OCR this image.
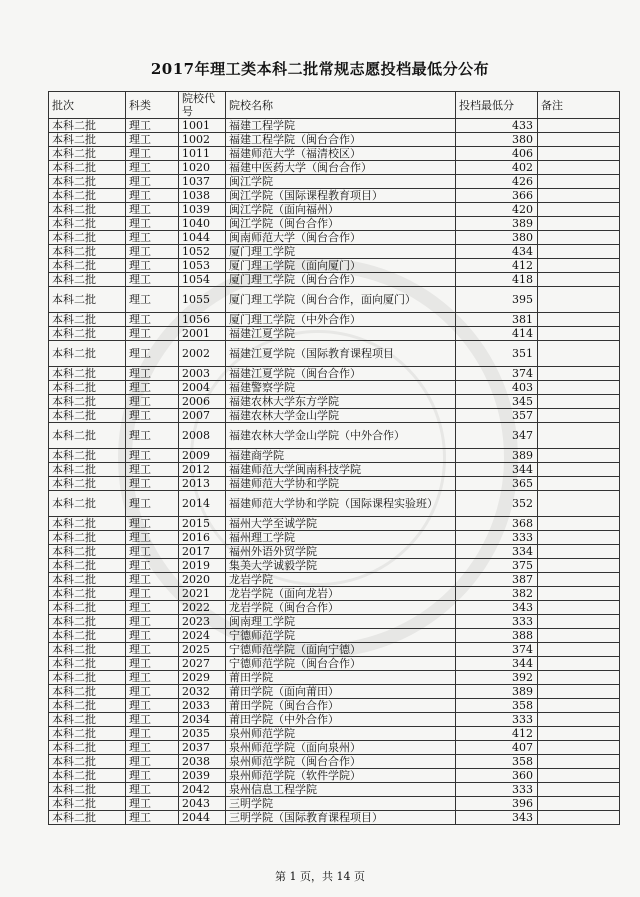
2017年理工类本科二批常规志愿投档最低分公布
批次	科类	院校代号	院校名称	投档最低分	备注
本科二批	理工	1001	福建工程学院	433	
本科二批	理工	1002	福建工程学院（闽台合作）	380	
本科二批	理工	1011	福建师范大学（福清校区）	406	
本科二批	理工	1020	福建中医药大学（闽台合作）	402	
本科二批	理工	1037	闽江学院	426	
本科二批	理工	1038	闽江学院（国际课程教育项目）	366	
本科二批	理工	1039	闽江学院（面向福州）	420	
本科二批	理工	1040	闽江学院（闽台合作）	389	
本科二批	理工	1044	闽南师范大学（闽台合作）	380	
本科二批	理工	1052	厦门理工学院	434	
本科二批	理工	1053	厦门理工学院（面向厦门）	412	
本科二批	理工	1054	厦门理工学院（闽台合作）	418	
本科二批	理工	1055	厦门理工学院（闽台合作，面向厦门）	395	
本科二批	理工	1056	厦门理工学院（中外合作）	381	
本科二批	理工	2001	福建江夏学院	414	
本科二批	理工	2002	福建江夏学院（国际教育课程项目	351	
本科二批	理工	2003	福建江夏学院（闽台合作）	374	
本科二批	理工	2004	福建警察学院	403	
本科二批	理工	2006	福建农林大学东方学院	345	
本科二批	理工	2007	福建农林大学金山学院	357	
本科二批	理工	2008	福建农林大学金山学院（中外合作）	347	
本科二批	理工	2009	福建商学院	389	
本科二批	理工	2012	福建师范大学闽南科技学院	344	
本科二批	理工	2013	福建师范大学协和学院	365	
本科二批	理工	2014	福建师范大学协和学院（国际课程实验班）	352	
本科二批	理工	2015	福州大学至诚学院	368	
本科二批	理工	2016	福州理工学院	333	
本科二批	理工	2017	福州外语外贸学院	334	
本科二批	理工	2019	集美大学诚毅学院	375	
本科二批	理工	2020	龙岩学院	387	
本科二批	理工	2021	龙岩学院（面向龙岩）	382	
本科二批	理工	2022	龙岩学院（闽台合作）	343	
本科二批	理工	2023	闽南理工学院	333	
本科二批	理工	2024	宁德师范学院	388	
本科二批	理工	2025	宁德师范学院（面向宁德）	374	
本科二批	理工	2027	宁德师范学院（闽台合作）	344	
本科二批	理工	2029	莆田学院	392	
本科二批	理工	2032	莆田学院（面向莆田）	389	
本科二批	理工	2033	莆田学院（闽台合作）	358	
本科二批	理工	2034	莆田学院（中外合作）	333	
本科二批	理工	2035	泉州师范学院	412	
本科二批	理工	2037	泉州师范学院（面向泉州）	407	
本科二批	理工	2038	泉州师范学院（闽台合作）	358	
本科二批	理工	2039	泉州师范学院（软件学院）	360	
本科二批	理工	2042	泉州信息工程学院	333	
本科二批	理工	2043	三明学院	396	
本科二批	理工	2044	三明学院（国际教育课程项目）	343	
第 1 页，共 14 页
